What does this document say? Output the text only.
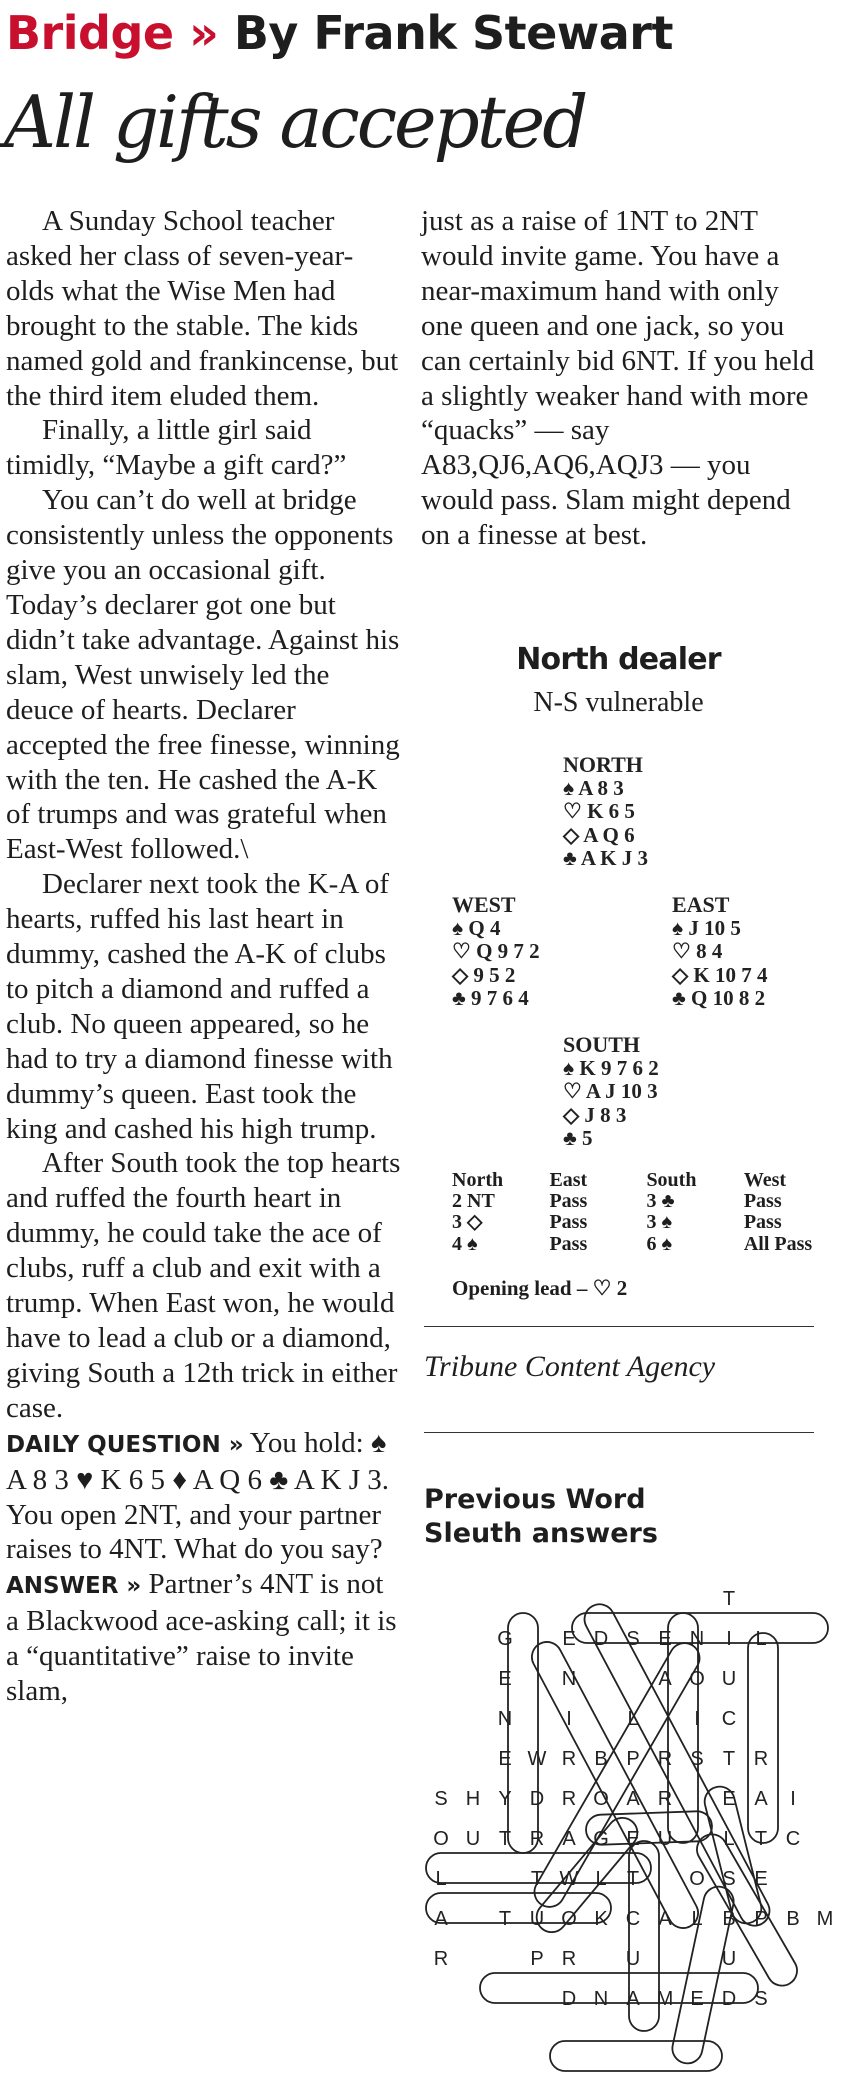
Bridge » By Frank Stewart
All gifts accepted

A Sunday School teacher asked her class of seven-year-olds what the Wise Men had brought to the stable. The kids named gold and frankincense, but the third item eluded them.

Finally, a little girl said timidly, “Maybe a gift card?”

You can’t do well at bridge consistently unless the opponents give you an occasional gift. Today’s declarer got one but didn’t take advantage. Against his slam, West unwisely led the deuce of hearts. Declarer accepted the free finesse, winning with the ten. He cashed the A-K of trumps and was grateful when East-West followed.\

Declarer next took the K-A of hearts, ruffed his last heart in dummy, cashed the A-K of clubs to pitch a diamond and ruffed a club. No queen appeared, so he had to try a diamond finesse with dummy’s queen. East took the king and cashed his high trump.

After South took the top hearts and ruffed the fourth heart in dummy, he could take the ace of clubs, ruff a club and exit with a trump. When East won, he would have to lead a club or a diamond, giving South a 12th trick in either case.

DAILY QUESTION » You hold: ♠ A 8 3 ♥ K 6 5 ♦ A Q 6 ♣ A K J 3. You open 2NT, and your partner raises to 4NT. What do you say?

ANSWER » Partner’s 4NT is not a Blackwood ace-asking call; it is a “quantitative” raise to invite slam,

just as a raise of 1NT to 2NT would invite game. You have a near-maximum hand with only one queen and one jack, so you can certainly bid 6NT. If you held a slightly weaker hand with more “quacks” — say A83,QJ6,AQ6,AQJ3 — you would pass. Slam might depend on a finesse at best.

North dealer
N-S vulnerable
NORTH
♠ A 8 3
♡ K 6 5
◇ A Q 6
♣ A K J 3
WEST
♠ Q 4
♡ Q 9 7 2
◇ 9 5 2
♣ 9 7 6 4
EAST
♠ J 10 5
♡ 8 4
◇ K 10 7 4
♣ Q 10 8 2
SOUTH
♠ K 9 7 6 2
♡ A J 10 3
◇ J 8 3
♣ 5
North	East	South	West
2 NT	Pass	3 ♣	Pass
3 ◇	Pass	3 ♠	Pass
4 ♠	Pass	6 ♠	All Pass
Opening lead – ♡ 2
Tribune Content Agency
Previous Word
Sleuth answers
T
G E D S E N I L
E	N	A O U
N	I	L	I C
E W R B P R S T R
S H Y D R O A R	E A I
O U T R A G E U	L T C
L	T W L T	O S E
A	T U O K C A L B P B M
R	P R U	U
D N A M E D S
